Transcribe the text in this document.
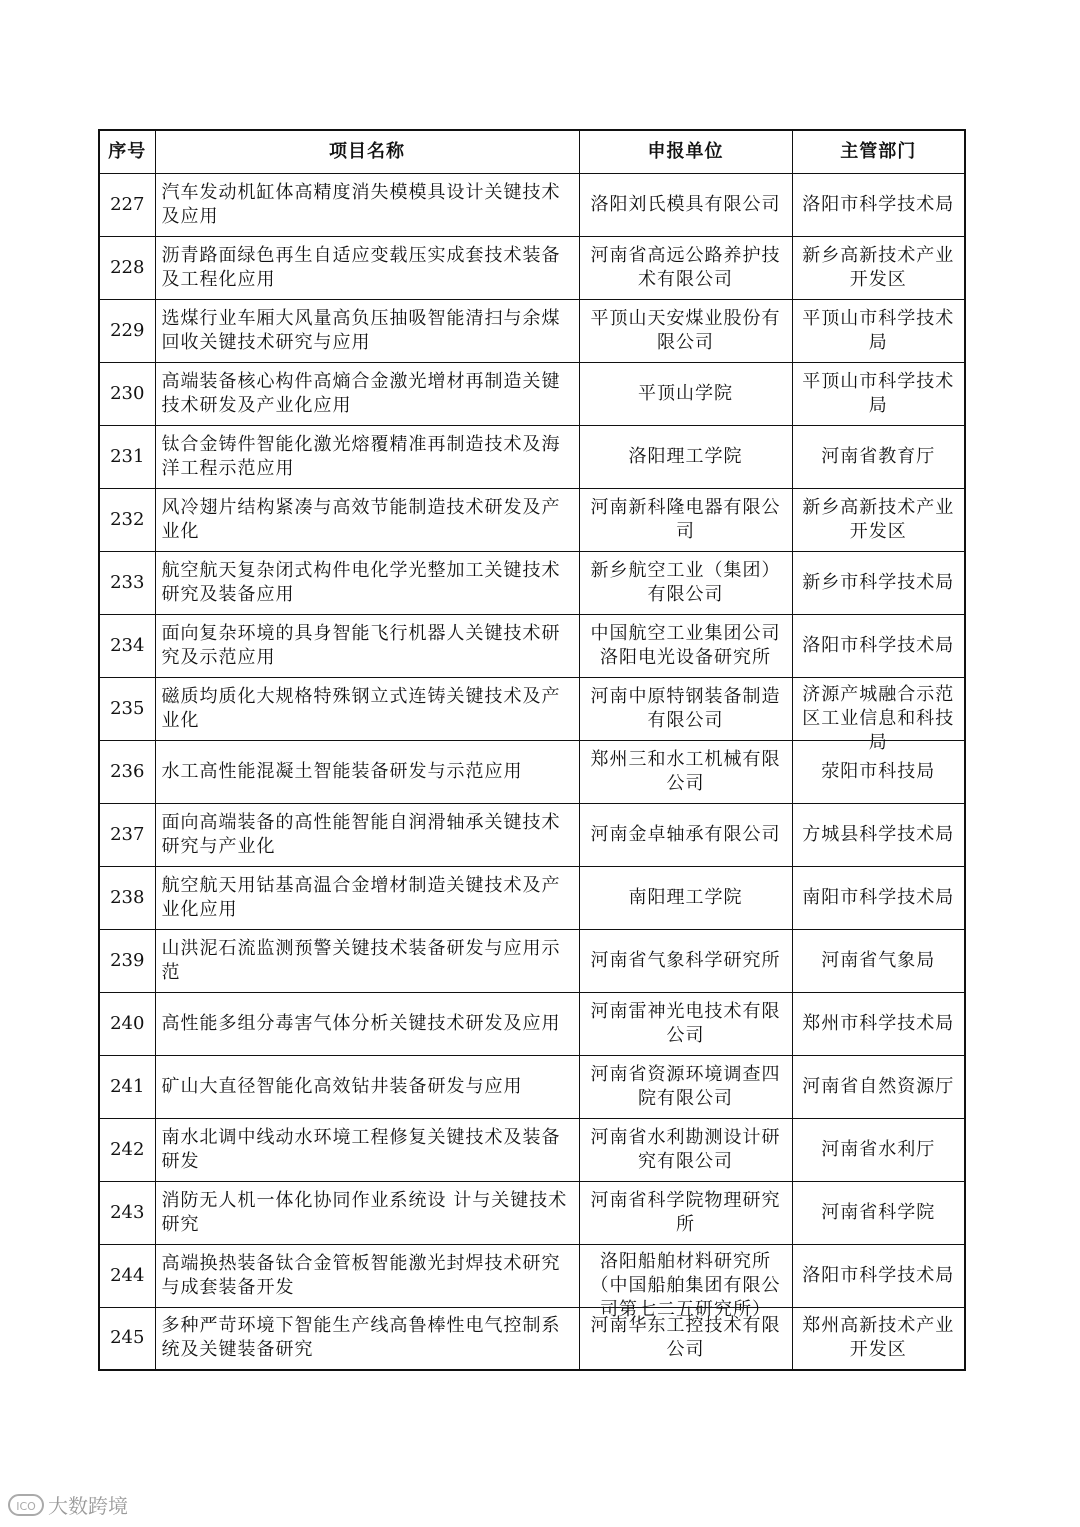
序号	项目名称	申报单位	主管部门

227	汽车发动机缸体高精度消失模模具设计关键技术及应用	洛阳刘氏模具有限公司	洛阳市科学技术局

228	沥青路面绿色再生自适应变载压实成套技术装备及工程化应用	河南省高远公路养护技术有限公司	新乡高新技术产业开发区

229	选煤行业车厢大风量高负压抽吸智能清扫与余煤回收关键技术研究与应用	平顶山天安煤业股份有限公司	平顶山市科学技术局

230	高端装备核心构件高熵合金激光增材再制造关键技术研发及产业化应用	平顶山学院	平顶山市科学技术局

231	钛合金铸件智能化激光熔覆精准再制造技术及海洋工程示范应用	洛阳理工学院	河南省教育厅

232	风冷翅片结构紧凑与高效节能制造技术研发及产业化	河南新科隆电器有限公司	新乡高新技术产业开发区

233	航空航天复杂闭式构件电化学光整加工关键技术研究及装备应用	新乡航空工业（集团）有限公司	新乡市科学技术局

234	面向复杂环境的具身智能飞行机器人关键技术研究及示范应用	中国航空工业集团公司洛阳电光设备研究所	洛阳市科学技术局

235	磁质均质化大规格特殊钢立式连铸关键技术及产业化	河南中原特钢装备制造有限公司	济源产城融合示范区工业信息和科技局

236	水工高性能混凝土智能装备研发与示范应用	郑州三和水工机械有限公司	荥阳市科技局

237	面向高端装备的高性能智能自润滑轴承关键技术研究与产业化	河南金卓轴承有限公司	方城县科学技术局

238	航空航天用钴基高温合金增材制造关键技术及产业化应用	南阳理工学院	南阳市科学技术局

239	山洪泥石流监测预警关键技术装备研发与应用示范	河南省气象科学研究所	河南省气象局

240	高性能多组分毒害气体分析关键技术研发及应用	河南雷神光电技术有限公司	郑州市科学技术局

241	矿山大直径智能化高效钻井装备研发与应用	河南省资源环境调查四院有限公司	河南省自然资源厅

242	南水北调中线动水环境工程修复关键技术及装备研发	河南省水利勘测设计研究有限公司	河南省水利厅

243	消防无人机一体化协同作业系统设 计与关键技术研究	河南省科学院物理研究所	河南省科学院

244	高端换热装备钛合金管板智能激光封焊技术研究与成套装备开发	洛阳船舶材料研究所（中国船舶集团有限公司第七二五研究所）	洛阳市科学技术局

245	多种严苛环境下智能生产线高鲁棒性电气控制系统及关键装备研究	河南华东工控技术有限公司	郑州高新技术产业开发区
ICO 大数跨境
